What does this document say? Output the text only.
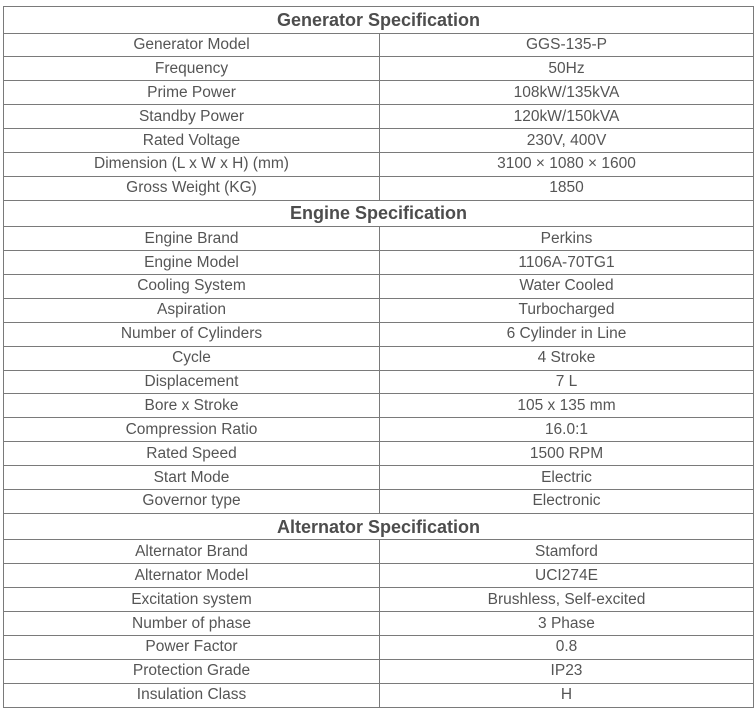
Generator Specification	
Generator Model	GGS-135-P
Frequency	50Hz
Prime Power	108kW/135kVA
Standby Power	120kW/150kVA
Rated Voltage	230V, 400V
Dimension (L x W x H) (mm)	3100 × 1080 × 1600
Gross Weight (KG)	1850
Engine Specification	
Engine Brand	Perkins
Engine Model	1106A-70TG1
Cooling System	Water Cooled
Aspiration	Turbocharged
Number of Cylinders	6 Cylinder in Line
Cycle	4 Stroke
Displacement	7 L
Bore x Stroke	105 x 135 mm
Compression Ratio	16.0:1
Rated Speed	1500 RPM
Start Mode	Electric
Governor type	Electronic
Alternator Specification	
Alternator Brand	Stamford
Alternator Model	UCI274E
Excitation system	Brushless, Self-excited
Number of phase	3 Phase
Power Factor	0.8
Protection Grade	IP23
Insulation Class	H
